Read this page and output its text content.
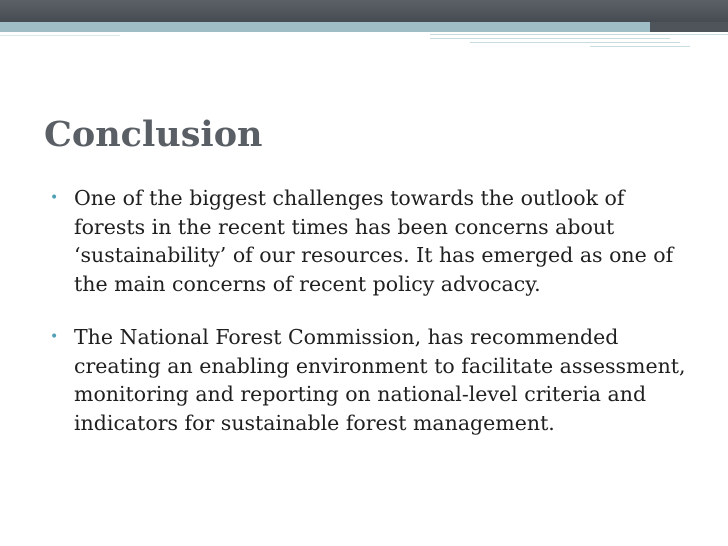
Conclusion
• One of the biggest challenges towards the outlook of forests in the recent times has been concerns about ‘sustainability’ of our resources. It has emerged as one of the main concerns of recent policy advocacy.
• The National Forest Commission, has recommended creating an enabling environment to facilitate assessment, monitoring and reporting on national-level criteria and indicators for sustainable forest management.
